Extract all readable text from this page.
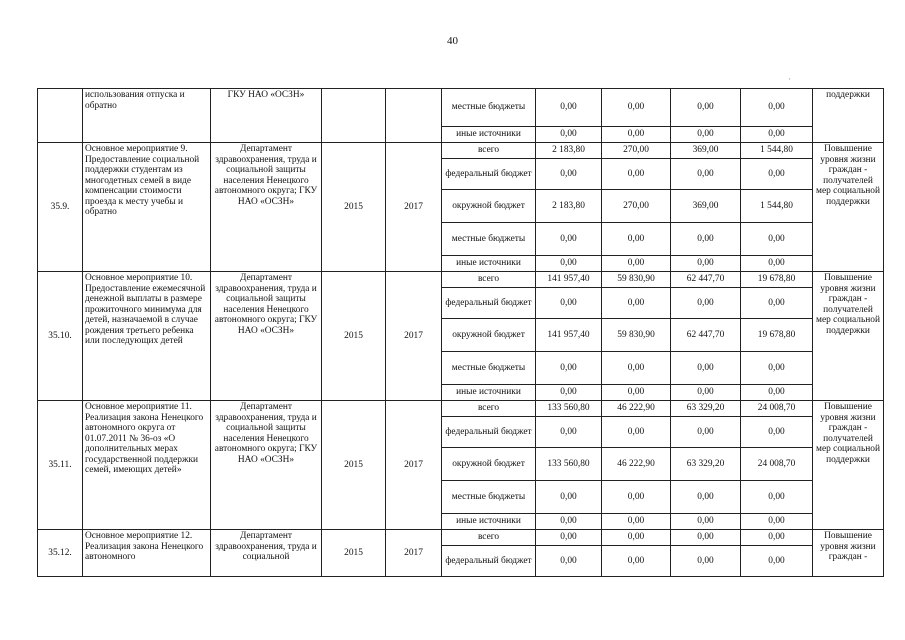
40
·
	использования отпуска и обратно	ГКУ НАО «ОСЗН»			местные бюджеты	0,00	0,00	0,00	0,00	поддержки
					иные источники	0,00	0,00	0,00	0,00	
35.9.	Основное мероприятие 9. Предоставление социальной поддержки студентам из многодетных семей в виде компенсации стоимости проезда к месту учебы и обратно	Департамент здравоохранения, труда и социальной защиты населения Ненецкого автономного округа; ГКУ НАО «ОСЗН»	2015	2017	всего	2 183,80	270,00	369,00	1 544,80	Повышение уровня жизни граждан - получателей мер социальной поддержки
					федеральный бюджет	0,00	0,00	0,00	0,00	
					окружной бюджет	2 183,80	270,00	369,00	1 544,80	
					местные бюджеты	0,00	0,00	0,00	0,00	
					иные источники	0,00	0,00	0,00	0,00	
35.10.	Основное мероприятие 10. Предоставление ежемесячной денежной выплаты в размере прожиточного минимума для детей, назначаемой в случае рождения третьего ребенка или последующих детей	Департамент здравоохранения, труда и социальной защиты населения Ненецкого автономного округа; ГКУ НАО «ОСЗН»	2015	2017	всего	141 957,40	59 830,90	62 447,70	19 678,80	Повышение уровня жизни граждан - получателей мер социальной поддержки
					федеральный бюджет	0,00	0,00	0,00	0,00	
					окружной бюджет	141 957,40	59 830,90	62 447,70	19 678,80	
					местные бюджеты	0,00	0,00	0,00	0,00	
					иные источники	0,00	0,00	0,00	0,00	
35.11.	Основное мероприятие 11. Реализация закона Ненецкого автономного округа от 01.07.2011 № 36-оз «О дополнительных мерах государственной поддержки семей, имеющих детей»	Департамент здравоохранения, труда и социальной защиты населения Ненецкого автономного округа; ГКУ НАО «ОСЗН»	2015	2017	всего	133 560,80	46 222,90	63 329,20	24 008,70	Повышение уровня жизни граждан - получателей мер социальной поддержки
					федеральный бюджет	0,00	0,00	0,00	0,00	
					окружной бюджет	133 560,80	46 222,90	63 329,20	24 008,70	
					местные бюджеты	0,00	0,00	0,00	0,00	
					иные источники	0,00	0,00	0,00	0,00	
35.12.	Основное мероприятие 12. Реализация закона Ненецкого автономного	Департамент здравоохранения, труда и социальной	2015	2017	всего	0,00	0,00	0,00	0,00	Повышение уровня жизни граждан -
					федеральный бюджет	0,00	0,00	0,00	0,00	
